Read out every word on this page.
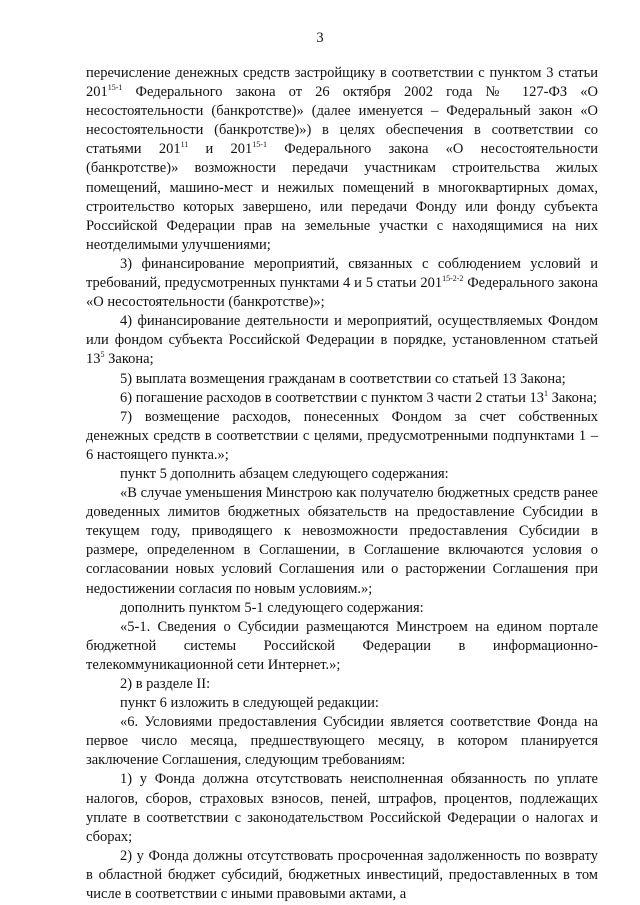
3

перечисление денежных средств застройщику в соответствии с пунктом 3 статьи 201$^{15-1}$ Федерального закона от 26 октября 2002 года № 127-ФЗ «О несостоятельности (банкротстве)» (далее именуется – Федеральный закон «О несостоятельности (банкротстве)») в целях обеспечения в соответствии со статьями $201^{11}$ и 201$^{15-1}$ Федерального закона «О несостоятельности (банкротстве)» возможности передачи участникам строительства жилых помещений, машино-мест и нежилых помещений в многоквартирных домах, строительство которых завершено, или передачи Фонду или фонду субъекта Российской Федерации прав на земельные участки с находящимися на них неотделимыми улучшениями;

3) финансирование мероприятий, связанных с соблюдением условий и требований, предусмотренных пунктами 4 и 5 статьи 201$^{15-2-2}$ Федерального закона «О несостоятельности (банкротстве)»;

4) финансирование деятельности и мероприятий, осуществляемых Фондом или фондом субъекта Российской Федерации в порядке, установленном статьей $13^5$ Закона;

5) выплата возмещения гражданам в соответствии со статьей 13 Закона;

6) погашение расходов в соответствии с пунктом 3 части 2 статьи $13^1$ Закона;

7) возмещение расходов, понесенных Фондом за счет собственных денежных средств в соответствии с целями, предусмотренными подпунктами 1 – 6 настоящего пункта.»;

пункт 5 дополнить абзацем следующего содержания:

«В случае уменьшения Минстрою как получателю бюджетных средств ранее доведенных лимитов бюджетных обязательств на предоставление Субсидии в текущем году, приводящего к невозможности предоставления Субсидии в размере, определенном в Соглашении, в Соглашение включаются условия о согласовании новых условий Соглашения или о расторжении Соглашения при недостижении согласия по новым условиям.»;

дополнить пунктом 5-1 следующего содержания:

«5-1. Сведения о Субсидии размещаются Минстроем на едином портале бюджетной системы Российской Федерации в информационно-телекоммуникационной сети Интернет.»;

2) в разделе II:

пункт 6 изложить в следующей редакции:

«6. Условиями предоставления Субсидии является соответствие Фонда на первое число месяца, предшествующего месяцу, в котором планируется заключение Соглашения, следующим требованиям:

1) у Фонда должна отсутствовать неисполненная обязанность по уплате налогов, сборов, страховых взносов, пеней, штрафов, процентов, подлежащих уплате в соответствии с законодательством Российской Федерации о налогах и сборах;

2) у Фонда должны отсутствовать просроченная задолженность по возврату в областной бюджет субсидий, бюджетных инвестиций, предоставленных в том числе в соответствии с иными правовыми актами, а
